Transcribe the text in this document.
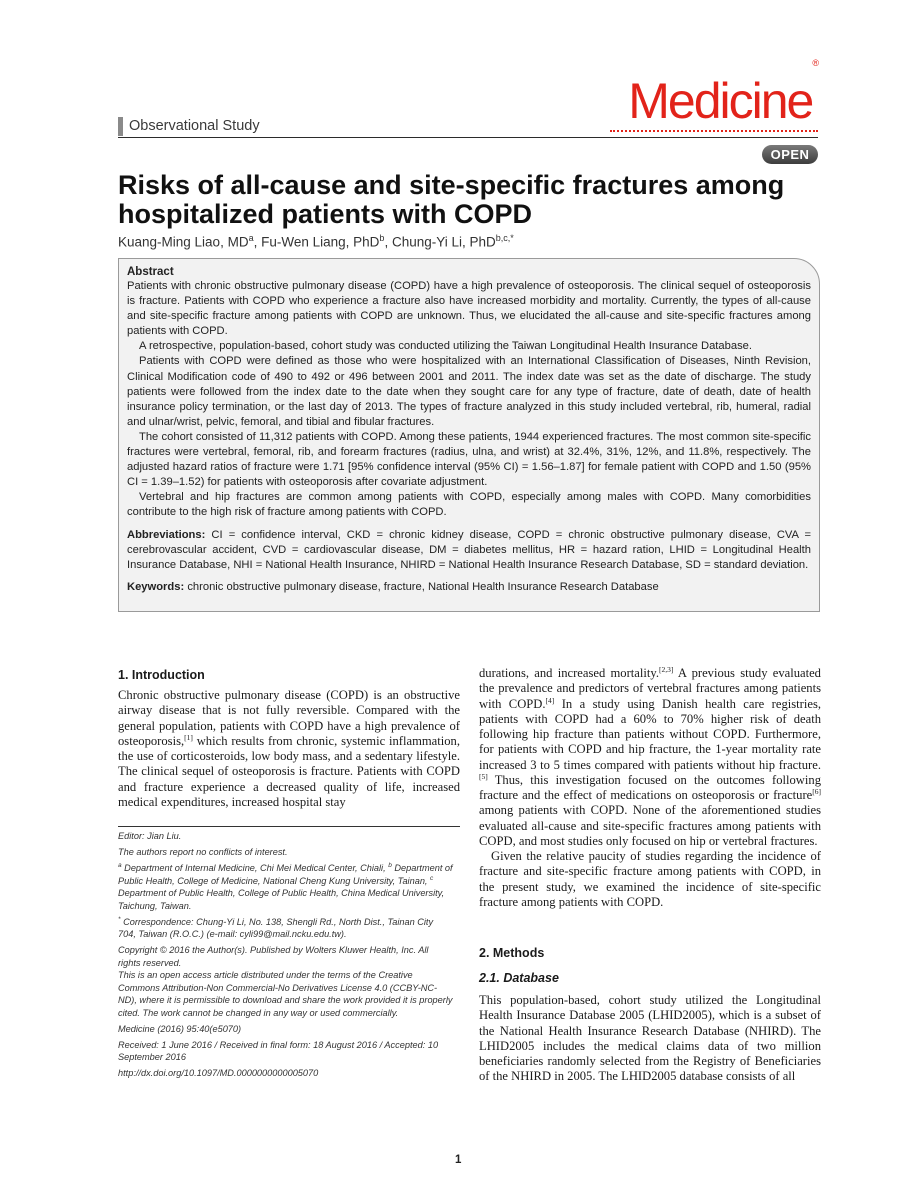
Observational Study	Medicine®
OPEN
Risks of all-cause and site-specific fractures among hospitalized patients with COPD
Kuang-Ming Liao, $MD^a$, Fu-Wen Liang, PhD$^b$, Chung-Yi Li, PhD$^{b,c,*}$

Abstract

Patients with chronic obstructive pulmonary disease (COPD) have a high prevalence of osteoporosis. The clinical sequel of osteoporosis is fracture. Patients with COPD who experience a fracture also have increased morbidity and mortality. Currently, the types of all-cause and site-specific fracture among patients with COPD are unknown. Thus, we elucidated the all-cause and site-specific fractures among patients with COPD.

A retrospective, population-based, cohort study was conducted utilizing the Taiwan Longitudinal Health Insurance Database.

Patients with COPD were defined as those who were hospitalized with an International Classification of Diseases, Ninth Revision, Clinical Modification code of 490 to 492 or 496 between 2001 and 2011. The index date was set as the date of discharge. The study patients were followed from the index date to the date when they sought care for any type of fracture, date of death, date of health insurance policy termination, or the last day of 2013. The types of fracture analyzed in this study included vertebral, rib, humeral, radial and ulnar/wrist, pelvic, femoral, and tibial and fibular fractures.

The cohort consisted of 11,312 patients with COPD. Among these patients, 1944 experienced fractures. The most common site-specific fractures were vertebral, femoral, rib, and forearm fractures (radius, ulna, and wrist) at 32.4%, 31%, 12%, and 11.8%, respectively. The adjusted hazard ratios of fracture were 1.71 [95% confidence interval (95% CI) = 1.56–1.87] for female patient with COPD and 1.50 (95% CI = 1.39–1.52) for patients with osteoporosis after covariate adjustment.

Vertebral and hip fractures are common among patients with COPD, especially among males with COPD. Many comorbidities contribute to the high risk of fracture among patients with COPD.

Abbreviations: CI = confidence interval, CKD = chronic kidney disease, COPD = chronic obstructive pulmonary disease, CVA = cerebrovascular accident, CVD = cardiovascular disease, DM = diabetes mellitus, HR = hazard ration, LHID = Longitudinal Health Insurance Database, NHI = National Health Insurance, NHIRD = National Health Insurance Research Database, SD = standard deviation.

Keywords: chronic obstructive pulmonary disease, fracture, National Health Insurance Research Database

1. Introduction

Chronic obstructive pulmonary disease (COPD) is an obstructive airway disease that is not fully reversible. Compared with the general population, patients with COPD have a high prevalence of osteoporosis,[1] which results from chronic, systemic inflammation, the use of corticosteroids, low body mass, and a sedentary lifestyle. The clinical sequel of osteoporosis is fracture. Patients with COPD and fracture experience a decreased quality of life, increased medical expenditures, increased hospital stay

Editor: Jian Liu.

The authors report no conflicts of interest.

$^a$ Department of Internal Medicine, Chi Mei Medical Center, Chiali, $^b$ Department of Public Health, College of Medicine, National Cheng Kung University, Tainan, $^c$ Department of Public Health, College of Public Health, China Medical University, Taichung, Taiwan.

* Correspondence: Chung-Yi Li, No. 138, Shengli Rd., North Dist., Tainan City 704, Taiwan (R.O.C.) (e-mail: cyli99@mail.ncku.edu.tw).

Copyright © 2016 the Author(s). Published by Wolters Kluwer Health, Inc. All rights reserved.
This is an open access article distributed under the terms of the Creative Commons Attribution-Non Commercial-No Derivatives License 4.0 (CCBY-NC-ND), where it is permissible to download and share the work provided it is properly cited. The work cannot be changed in any way or used commercially.

Medicine (2016) 95:40(e5070)

Received: 1 June 2016 / Received in final form: 18 August 2016 / Accepted: 10 September 2016

http://dx.doi.org/10.1097/MD.0000000000005070

durations, and increased mortality.[2,3] A previous study evaluated the prevalence and predictors of vertebral fractures among patients with COPD.[4] In a study using Danish health care registries, patients with COPD had a 60% to 70% higher risk of death following hip fracture than patients without COPD. Furthermore, for patients with COPD and hip fracture, the 1-year mortality rate increased 3 to 5 times compared with patients without hip fracture.[5] Thus, this investigation focused on the outcomes following fracture and the effect of medications on osteoporosis or fracture[6] among patients with COPD. None of the aforementioned studies evaluated all-cause and site-specific fractures among patients with COPD, and most studies only focused on hip or vertebral fractures.

Given the relative paucity of studies regarding the incidence of fracture and site-specific fracture among patients with COPD, in the present study, we examined the incidence of site-specific fracture among patients with COPD.

2. Methods
2.1. Database

This population-based, cohort study utilized the Longitudinal Health Insurance Database 2005 (LHID2005), which is a subset of the National Health Insurance Research Database (NHIRD). The LHID2005 includes the medical claims data of two million beneficiaries randomly selected from the Registry of Beneficiaries of the NHIRD in 2005. The LHID2005 database consists of all

1
